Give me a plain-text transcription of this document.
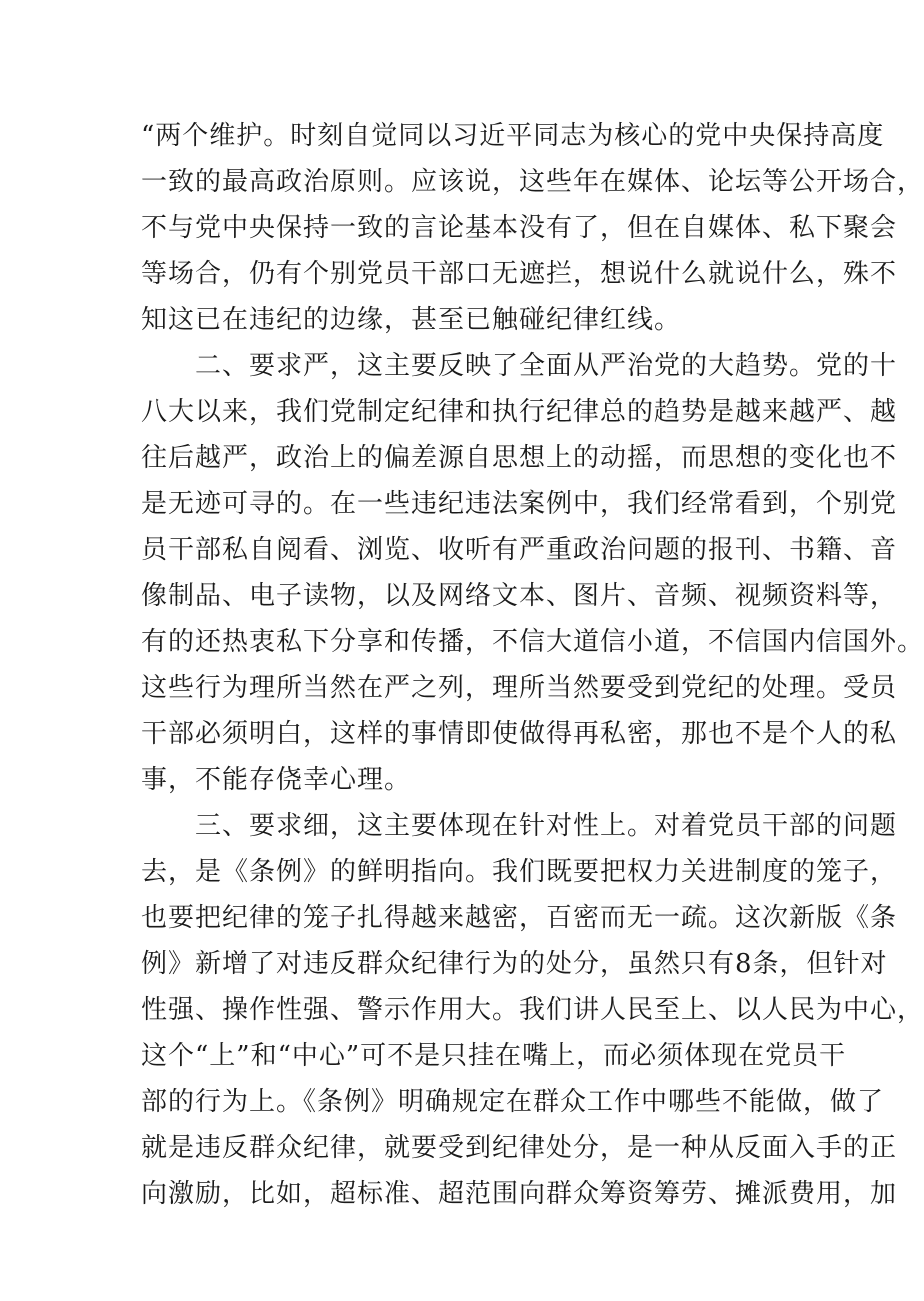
“两个维护。时刻自觉同以习近平同志为核心的党中央保持高度
一致的最高政治原则。应该说，这些年在媒体、论坛等公开场合，
不与党中央保持一致的言论基本没有了，但在自媒体、私下聚会
等场合，仍有个别党员干部口无遮拦，想说什么就说什么，殊不
知这已在违纪的边缘，甚至已触碰纪律红线。
　　二、要求严，这主要反映了全面从严治党的大趋势。党的十
八大以来，我们党制定纪律和执行纪律总的趋势是越来越严、越
往后越严，政治上的偏差源自思想上的动摇，而思想的变化也不
是无迹可寻的。在一些违纪违法案例中，我们经常看到，个别党
员干部私自阅看、浏览、收听有严重政治问题的报刊、书籍、音
像制品、电子读物，以及网络文本、图片、音频、视频资料等，
有的还热衷私下分享和传播，不信大道信小道，不信国内信国外。
这些行为理所当然在严之列，理所当然要受到党纪的处理。受员
干部必须明白，这样的事情即使做得再私密，那也不是个人的私
事，不能存侥幸心理。
　　三、要求细，这主要体现在针对性上。对着党员干部的问题
去，是《条例》的鲜明指向。我们既要把权力关进制度的笼子，
也要把纪律的笼子扎得越来越密，百密而无一疏。这次新版《条
例》新增了对违反群众纪律行为的处分，虽然只有8条，但针对
性强、操作性强、警示作用大。我们讲人民至上、以人民为中心，
这个“上”和“中心”可不是只挂在嘴上，而必须体现在党员干
部的行为上。《条例》明确规定在群众工作中哪些不能做，做了
就是违反群众纪律，就要受到纪律处分，是一种从反面入手的正
向激励，比如，超标准、超范围向群众筹资筹劳、摊派费用，加
